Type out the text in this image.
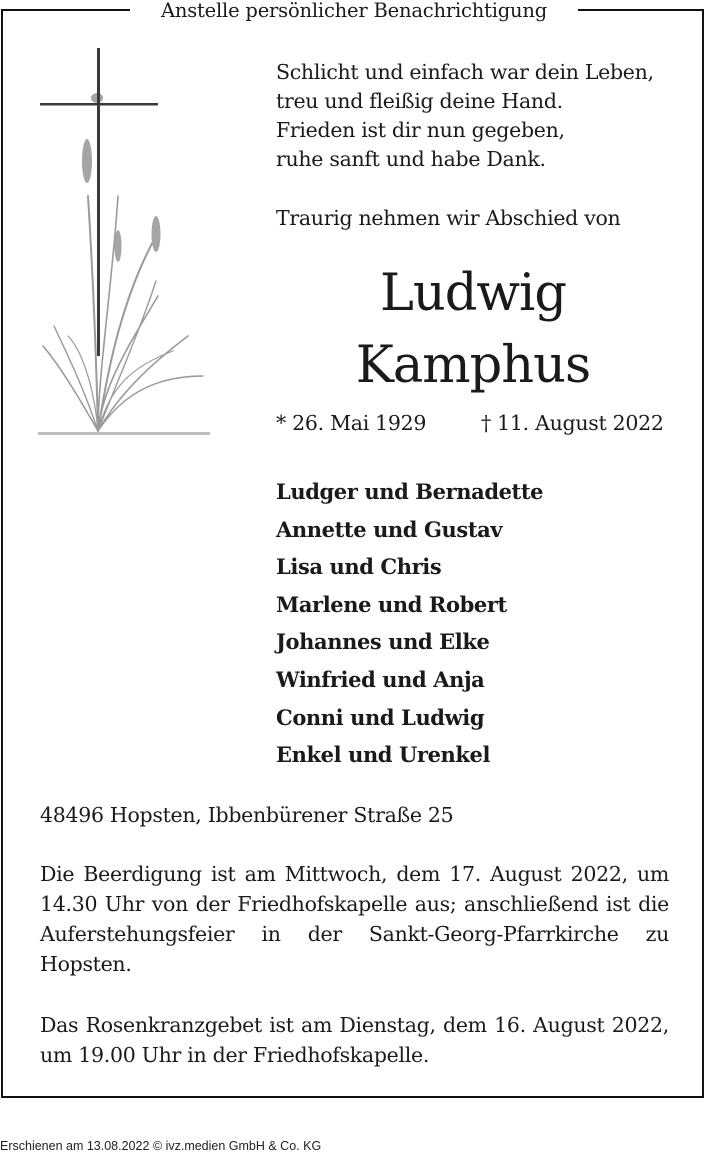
Anstelle persönlicher Benachrichtigung
Schlicht und einfach war dein Leben,
treu und fleißig deine Hand.
Frieden ist dir nun gegeben,
ruhe sanft und habe Dank.
Traurig nehmen wir Abschied von
Ludwig
Kamphus
* 26. Mai 1929	† 11. August 2022
Ludger und Bernadette
Annette und Gustav
Lisa und Chris
Marlene und Robert
Johannes und Elke
Winfried und Anja
Conni und Ludwig
Enkel und Urenkel
48496 Hopsten, Ibbenbürener Straße 25
Die Beerdigung ist am Mittwoch, dem 17. August 2022, um 14.30 Uhr von der Friedhofskapelle aus; anschließend ist die Auferstehungsfeier in der Sankt-Georg-Pfarrkirche zu Hopsten.
Das Rosenkranzgebet ist am Dienstag, dem 16. August 2022, um 19.00 Uhr in der Friedhofskapelle.
Erschienen am 13.08.2022 © ivz.medien GmbH & Co. KG
